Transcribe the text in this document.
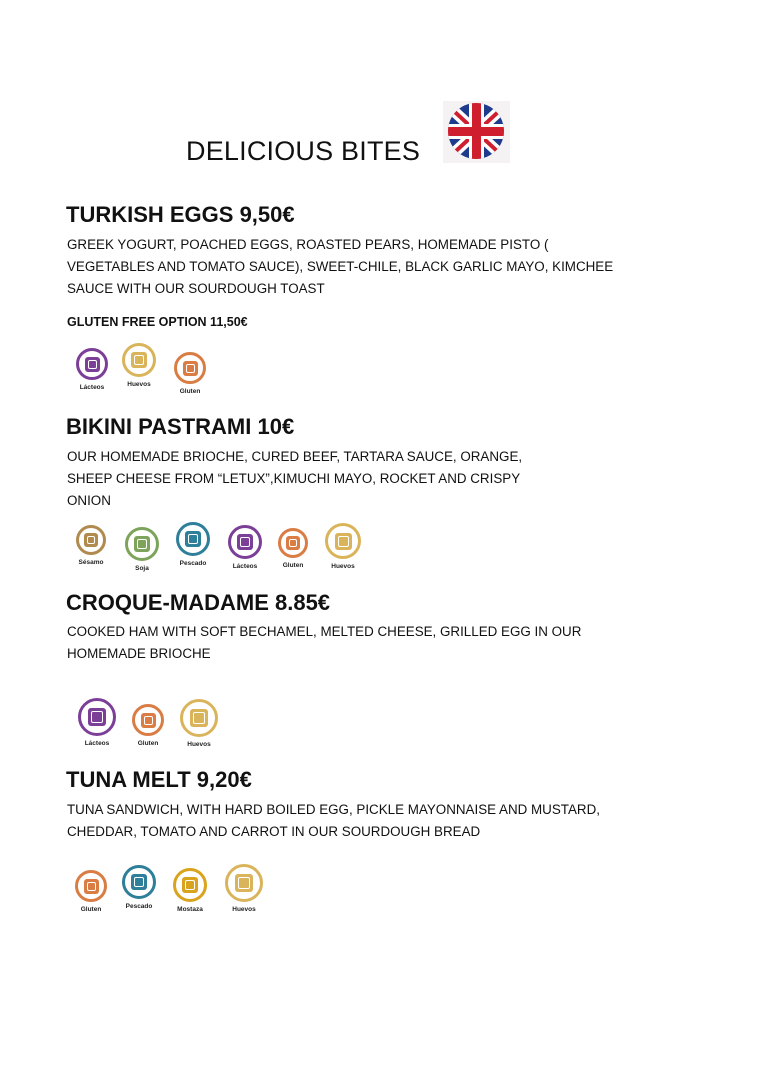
DELICIOUS BITES
TURKISH EGGS 9,50€
GREEK YOGURT, POACHED EGGS, ROASTED PEARS, HOMEMADE PISTO (
VEGETABLES AND TOMATO SAUCE), SWEET-CHILE, BLACK GARLIC MAYO, KIMCHEE
SAUCE WITH OUR SOURDOUGH TOAST
GLUTEN FREE OPTION 11,50€
Lácteos	Huevos
Gluten
BIKINI PASTRAMI 10€
OUR HOMEMADE BRIOCHE, CURED BEEF, TARTARA SAUCE, ORANGE,
SHEEP CHEESE FROM “LETUX”,KIMUCHI MAYO, ROCKET AND CRISPY
ONION
Sésamo
Soja
Pescado	Lácteos	Gluten	Huevos
CROQUE-MADAME 8.85€
COOKED HAM WITH SOFT BECHAMEL, MELTED CHEESE, GRILLED EGG IN OUR
HOMEMADE BRIOCHE
Lácteos	Gluten	Huevos
TUNA MELT 9,20€
TUNA SANDWICH, WITH HARD BOILED EGG, PICKLE MAYONNAISE AND MUSTARD,
CHEDDAR, TOMATO AND CARROT IN OUR SOURDOUGH BREAD
Gluten	Pescado	Mostaza	Huevos
